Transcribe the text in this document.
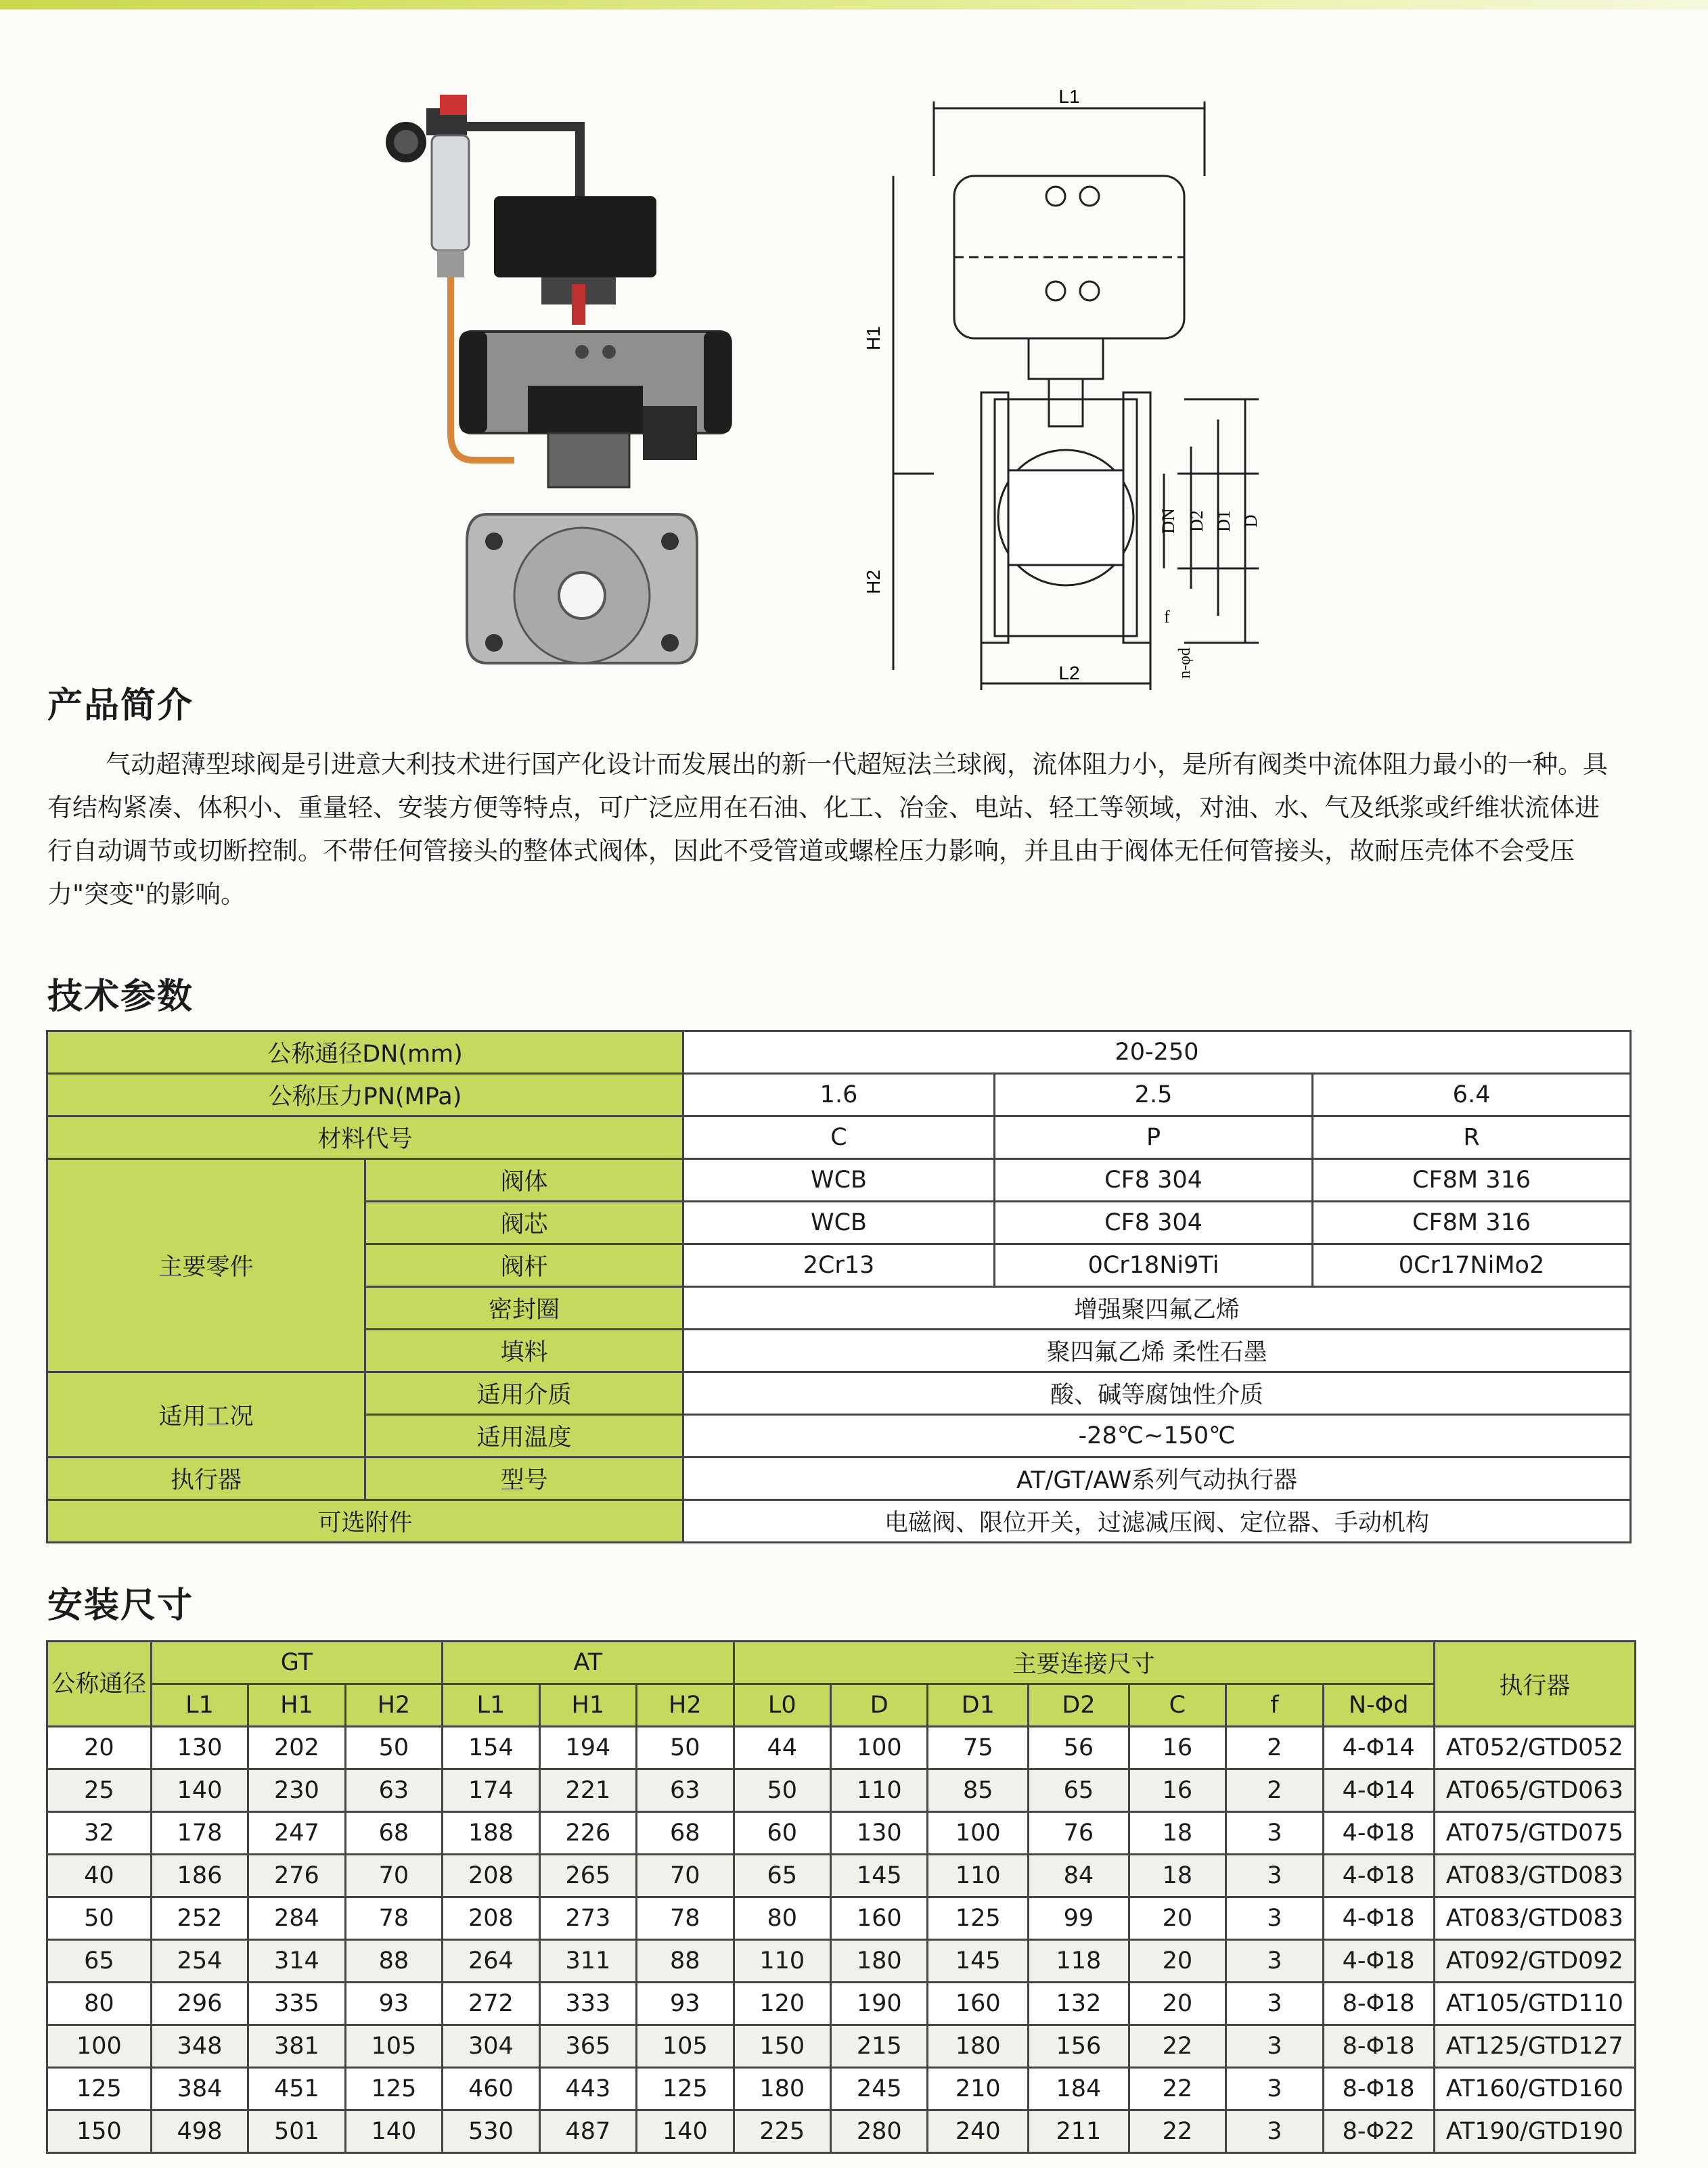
L1
L2
H1
H2
DN D2 D1 D
f
n-φd
产品简介

气动超薄型球阀是引进意大利技术进行国产化设计而发展出的新一代超短法兰球阀，流体阻力小，是所有阀类中流体阻力最小的一种。具有结构紧凑、体积小、重量轻、安装方便等特点，可广泛应用在石油、化工、冶金、电站、轻工等领域，对油、水、气及纸浆或纤维状流体进行自动调节或切断控制。不带任何管接头的整体式阀体，因此不受管道或螺栓压力影响，并且由于阀体无任何管接头，故耐压壳体不会受压力"突变"的影响。

技术参数
公称通径DN(mm)		20-250		
公称压力PN(MPa)		1.6	2.5	6.4
材料代号		C	P	R
主要零件	阀体	WCB	CF8 304	CF8M 316
	阀芯	WCB	CF8 304	CF8M 316
	阀杆	2Cr13	0Cr18Ni9Ti	0Cr17NiMo2
	密封圈	增强聚四氟乙烯		
	填料	聚四氟乙烯 柔性石墨		
适用工况	适用介质	酸、碱等腐蚀性介质		
	适用温度	-28℃~150℃		
执行器	型号	AT/GT/AW系列气动执行器		
可选附件		电磁阀、限位开关，过滤减压阀、定位器、手动机构		
安装尺寸
公称通径	GT			AT			主要连接尺寸							执行器
	L1	H1	H2	L1	H1	H2	L0	D	D1	D2	C	f	N-Φd	
20	130	202	50	154	194	50	44	100	75	56	16	2	4-Φ14	AT052/GTD052
25	140	230	63	174	221	63	50	110	85	65	16	2	4-Φ14	AT065/GTD063
32	178	247	68	188	226	68	60	130	100	76	18	3	4-Φ18	AT075/GTD075
40	186	276	70	208	265	70	65	145	110	84	18	3	4-Φ18	AT083/GTD083
50	252	284	78	208	273	78	80	160	125	99	20	3	4-Φ18	AT083/GTD083
65	254	314	88	264	311	88	110	180	145	118	20	3	4-Φ18	AT092/GTD092
80	296	335	93	272	333	93	120	190	160	132	20	3	8-Φ18	AT105/GTD110
100	348	381	105	304	365	105	150	215	180	156	22	3	8-Φ18	AT125/GTD127
125	384	451	125	460	443	125	180	245	210	184	22	3	8-Φ18	AT160/GTD160
150	498	501	140	530	487	140	225	280	240	211	22	3	8-Φ22	AT190/GTD190
